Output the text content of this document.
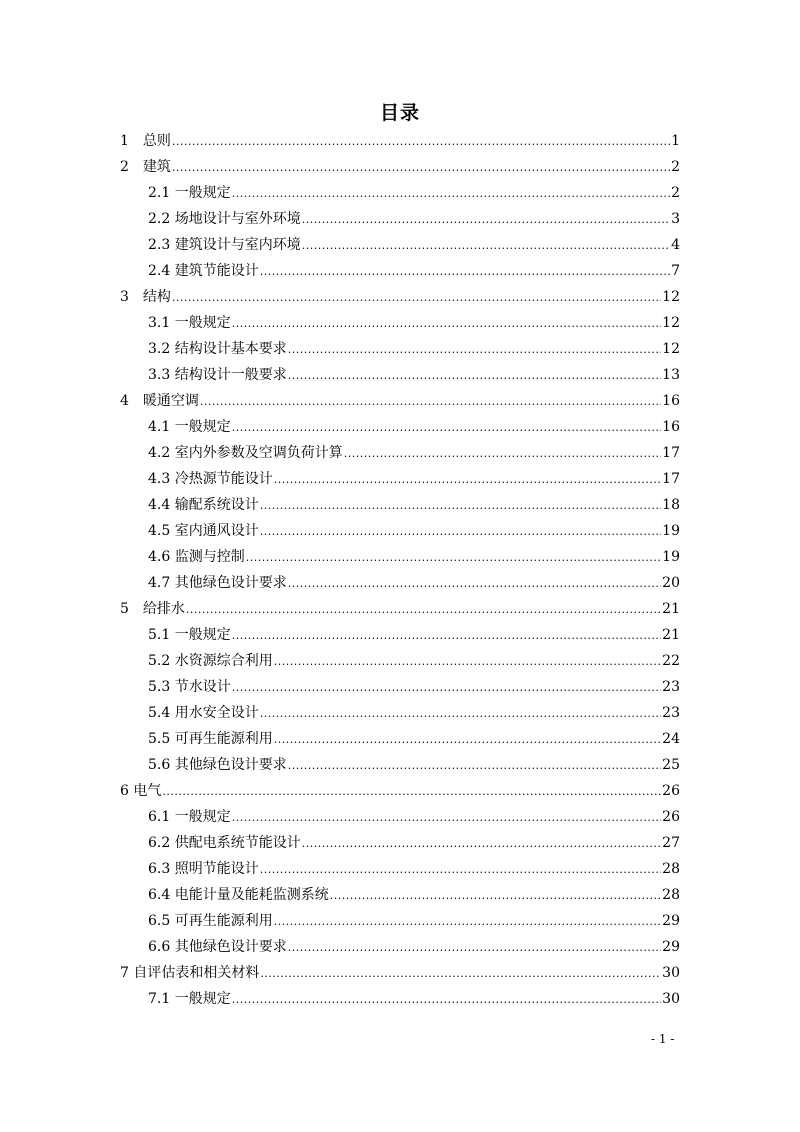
目录
1　总则 .....	1
2　建筑 .....	2
2.1 一般规定 .....	2
2.2 场地设计与室外环境 .....	3
2.3 建筑设计与室内环境 .....	4
2.4 建筑节能设计 .....	7
3　结构 .....	12
3.1 一般规定 .....	12
3.2 结构设计基本要求 .....	12
3.3 结构设计一般要求 .....	13
4　暖通空调 .....	16
4.1 一般规定 .....	16
4.2 室内外参数及空调负荷计算 .....	17
4.3 冷热源节能设计 .....	17
4.4 输配系统设计 .....	18
4.5 室内通风设计 .....	19
4.6 监测与控制 .....	19
4.7 其他绿色设计要求 .....	20
5　给排水 .....	21
5.1 一般规定 .....	21
5.2 水资源综合利用 .....	22
5.3 节水设计 .....	23
5.4 用水安全设计 .....	23
5.5 可再生能源利用 .....	24
5.6 其他绿色设计要求 .....	25
6 电气 .....	26
6.1 一般规定 .....	26
6.2 供配电系统节能设计 .....	27
6.3 照明节能设计 .....	28
6.4 电能计量及能耗监测系统 .....	28
6.5 可再生能源利用 .....	29
6.6 其他绿色设计要求 .....	29
7 自评估表和相关材料 .....	30
7.1 一般规定 .....	30
- 1 -
